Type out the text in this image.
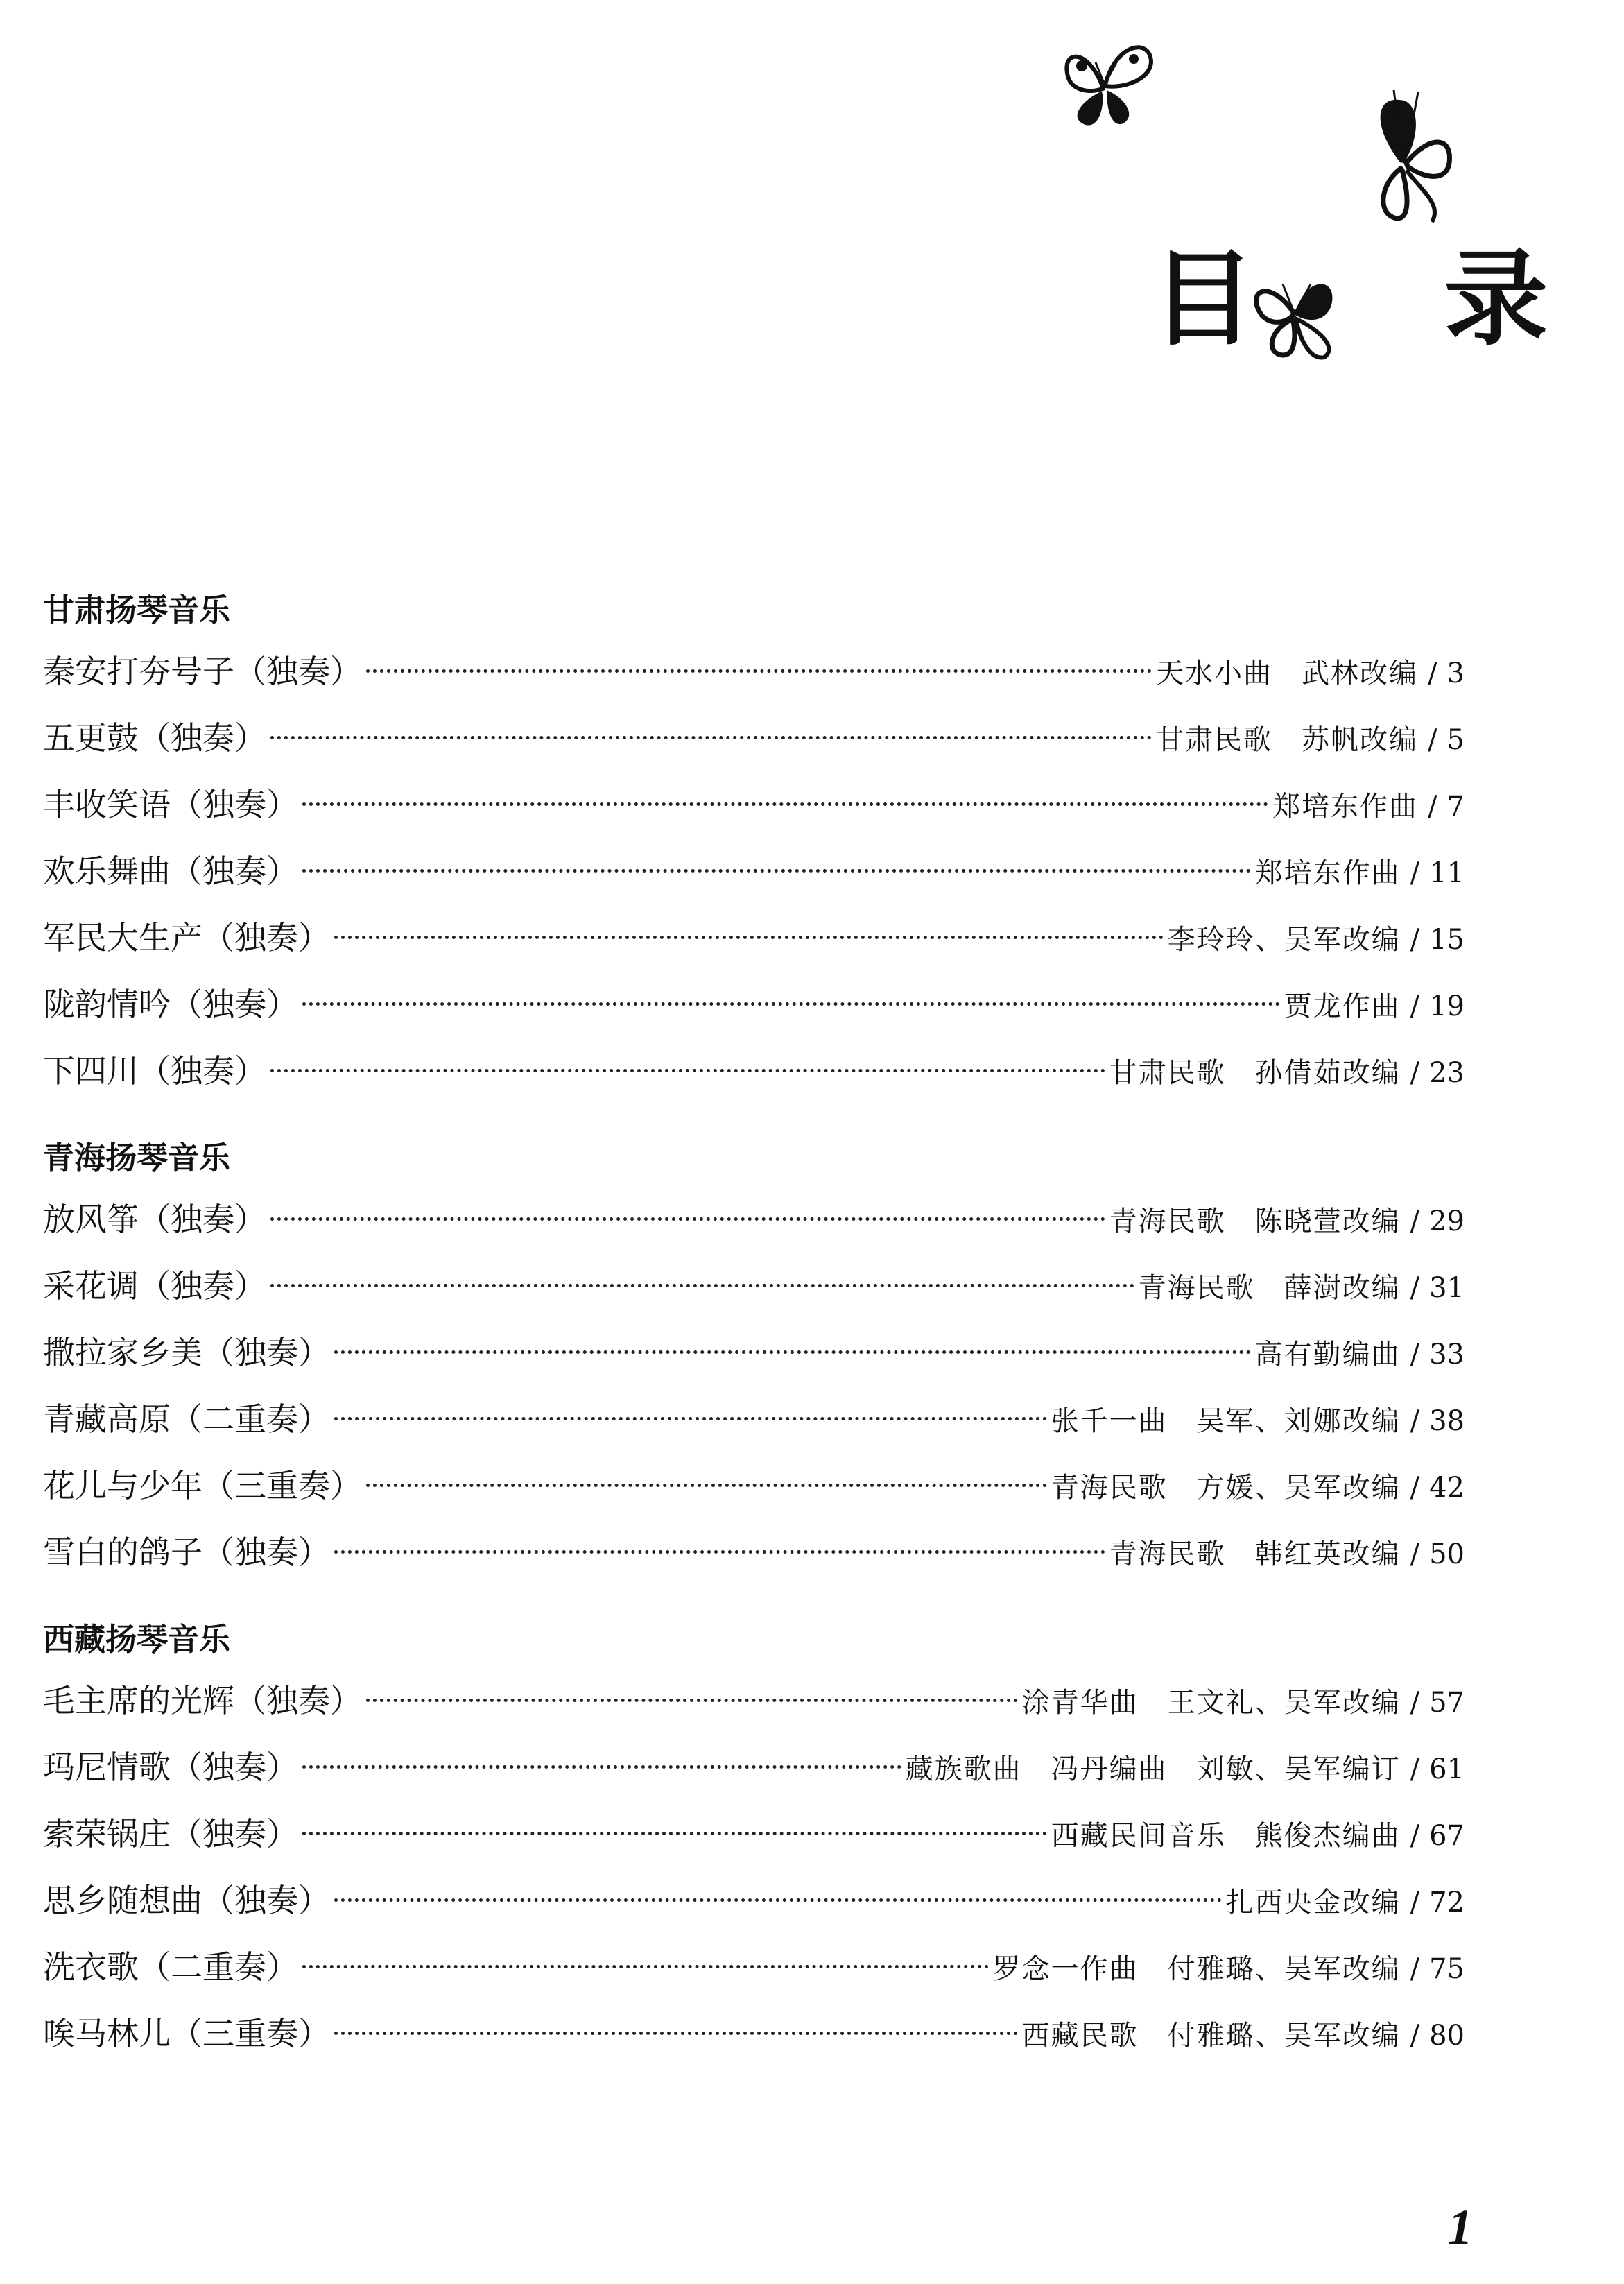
目 录
甘肃扬琴音乐
秦安打夯号子（独奏）	天水小曲　武林改编 / 3
五更鼓（独奏）	甘肃民歌　苏帆改编 / 5
丰收笑语（独奏）	郑培东作曲 / 7
欢乐舞曲（独奏）	郑培东作曲 / 11
军民大生产（独奏）	李玲玲、吴军改编 / 15
陇韵情吟（独奏）	贾龙作曲 / 19
下四川（独奏）	甘肃民歌　孙倩茹改编 / 23
青海扬琴音乐
放风筝（独奏）	青海民歌　陈晓萱改编 / 29
采花调（独奏）	青海民歌　薛澍改编 / 31
撒拉家乡美（独奏）	高有勤编曲 / 33
青藏高原（二重奏）	张千一曲　吴军、刘娜改编 / 38
花儿与少年（三重奏）	青海民歌　方媛、吴军改编 / 42
雪白的鸽子（独奏）	青海民歌　韩红英改编 / 50
西藏扬琴音乐
毛主席的光辉（独奏）	涂青华曲　王文礼、吴军改编 / 57
玛尼情歌（独奏）	藏族歌曲　冯丹编曲　刘敏、吴军编订 / 61
索荣锅庄（独奏）	西藏民间音乐　熊俊杰编曲 / 67
思乡随想曲（独奏）	扎西央金改编 / 72
洗衣歌（二重奏）	罗念一作曲　付雅璐、吴军改编 / 75
唉马林儿（三重奏）	西藏民歌　付雅璐、吴军改编 / 80
1
